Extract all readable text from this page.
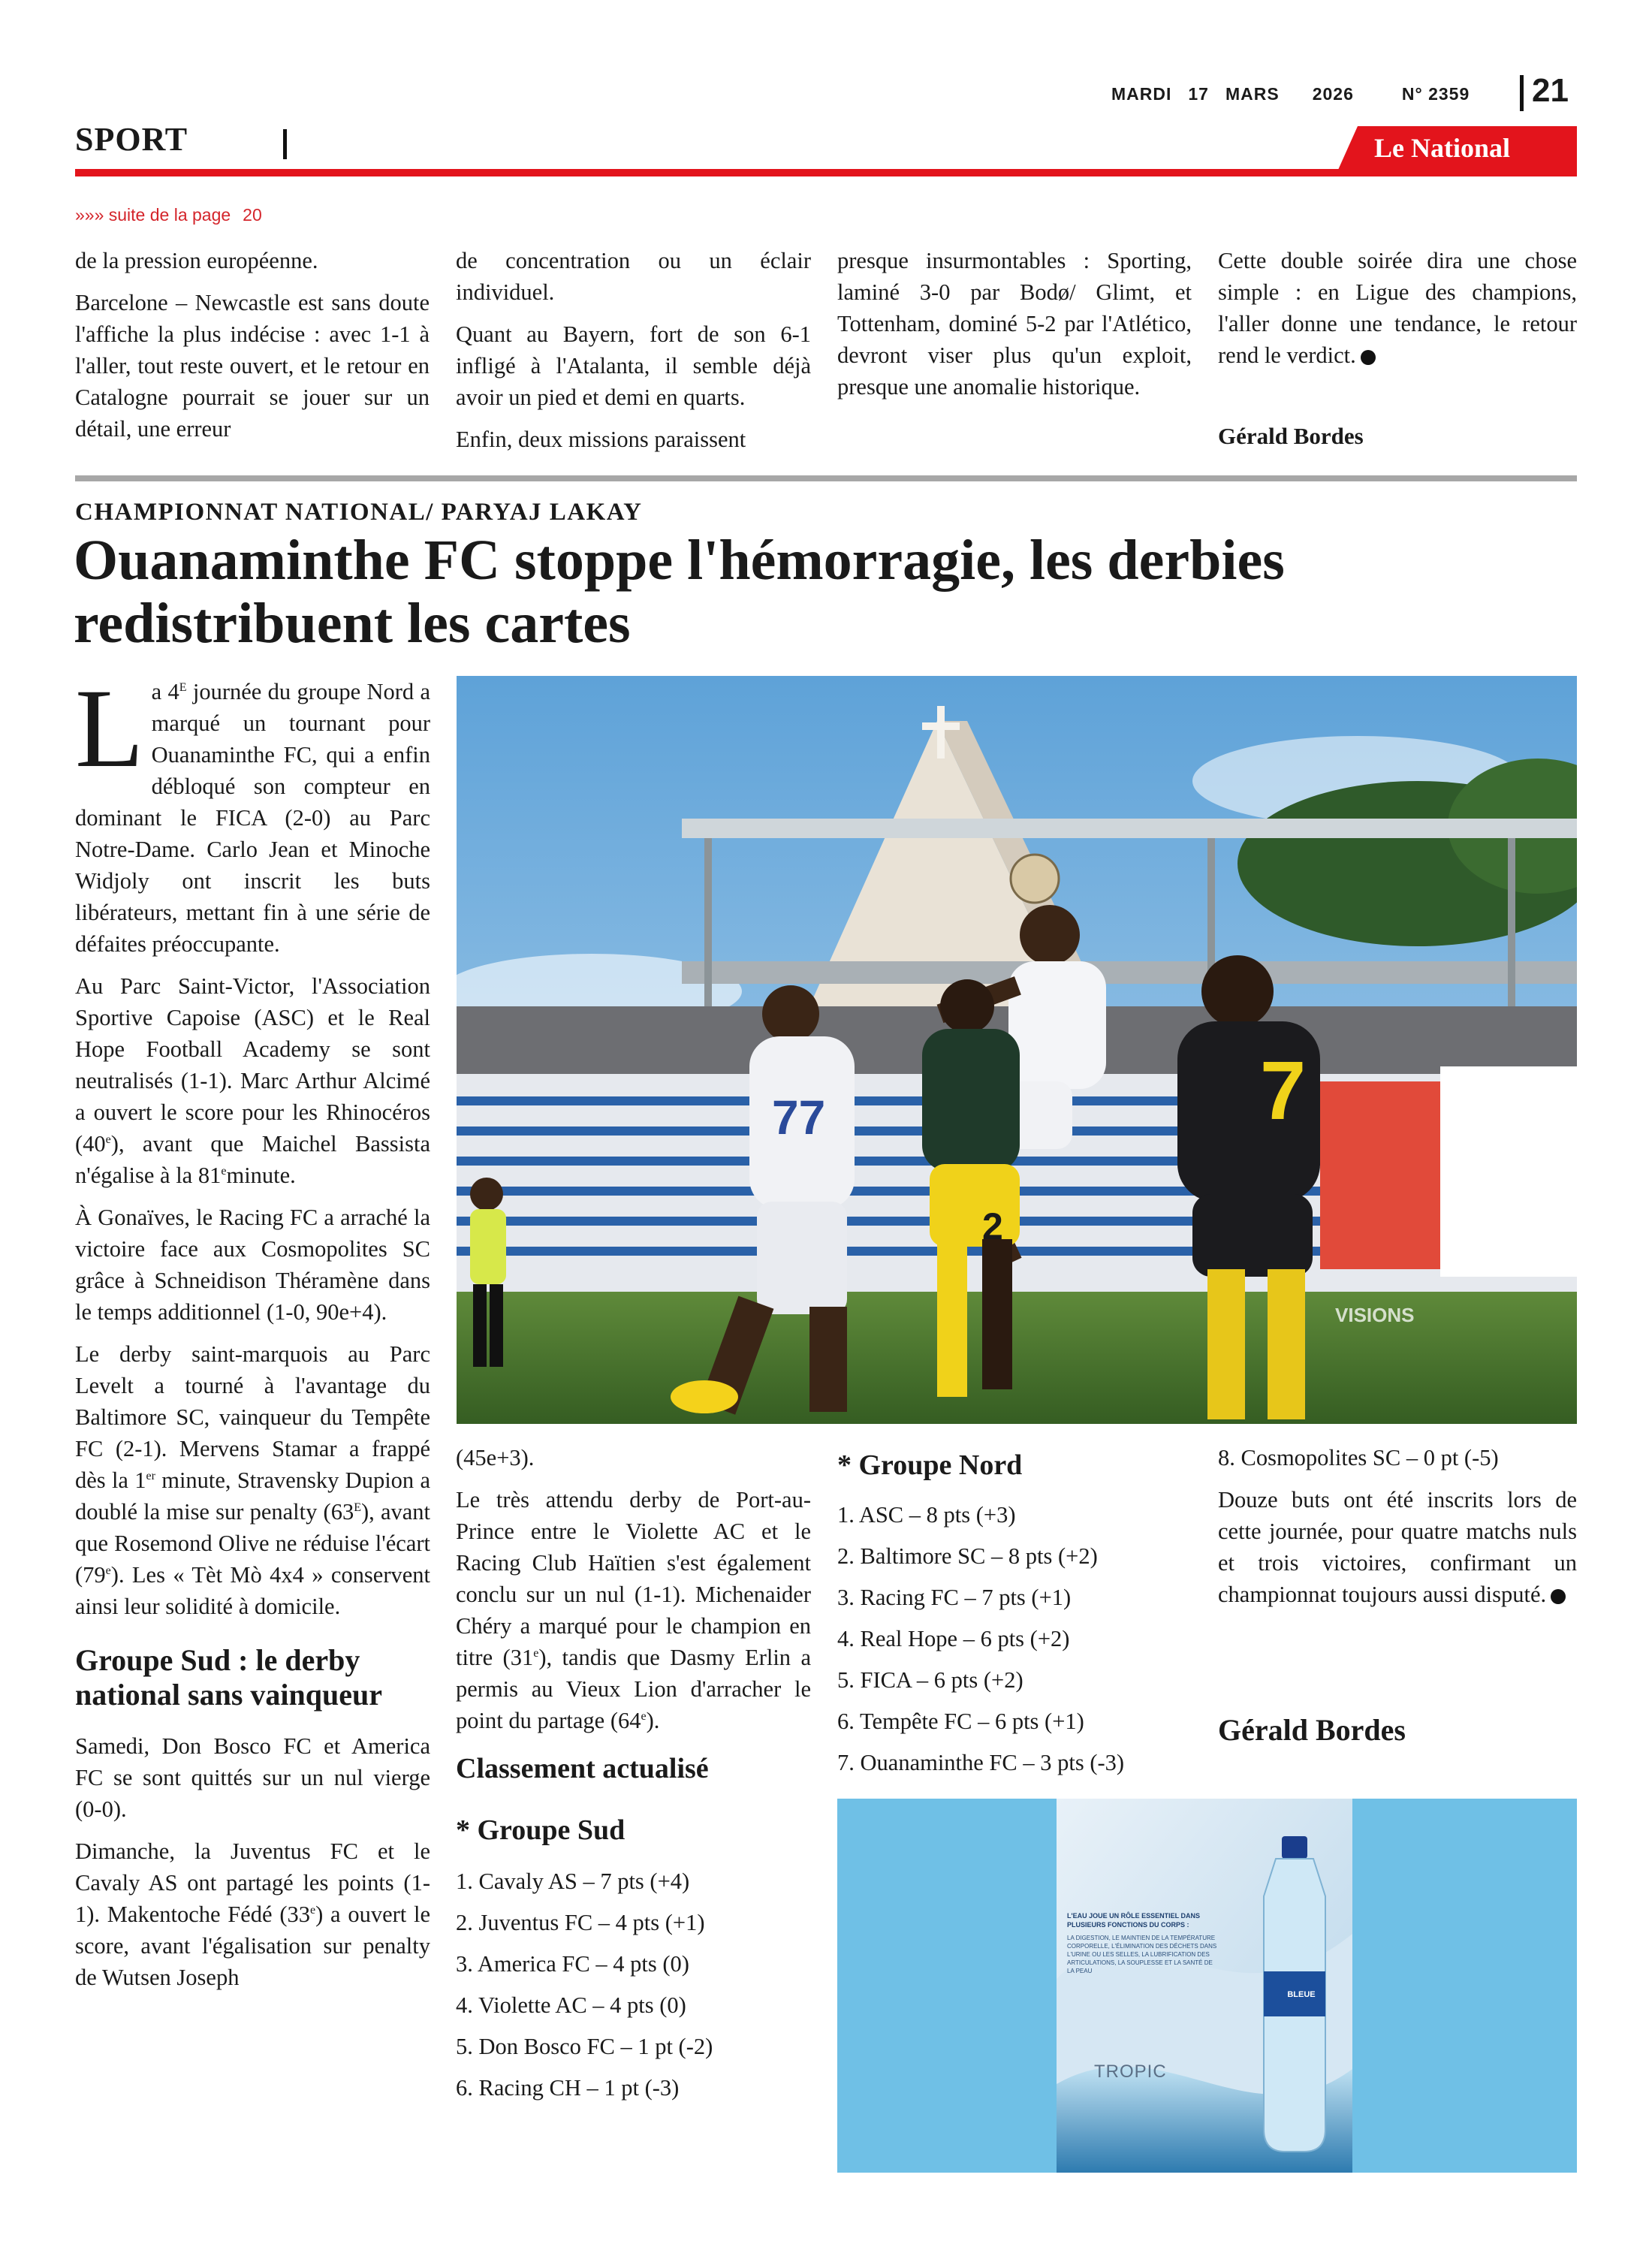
MARDI 17 MARS 2026	N° 2359	21
SPORT	Le National
»»» suite de la page 20

de la pression européenne.

Barcelone – Newcastle est sans doute l'affiche la plus indécise : avec 1-1 à l'aller, tout reste ouvert, et le retour en Catalogne pourrait se jouer sur un détail, une erreur

de concentration ou un éclair individuel.

Quant au Bayern, fort de son 6-1 infligé à l'Atalanta, il semble déjà avoir un pied et demi en quarts.

Enfin, deux missions paraissent

presque insurmontables : Sporting, laminé 3-0 par Bodø/ Glimt, et Tottenham, dominé 5-2 par l'Atlético, devront viser plus qu'un exploit, presque une anomalie historique.

Cette double soirée dira une chose simple : en Ligue des champions, l'aller donne une tendance, le retour rend le verdict.

Gérald Bordes
CHAMPIONNAT NATIONAL/ PARYAJ LAKAY
Ouanaminthe FC stoppe l'hémorragie, les derbies redistribuent les cartes

La $4^E$ journée du groupe Nord a marqué un tournant pour Ouanaminthe FC, qui a enfin débloqué son compteur en dominant le FICA (2-0) au Parc Notre-Dame. Carlo Jean et Minoche Widjoly ont inscrit les buts libérateurs, mettant fin à une série de défaites préoccupante.

Au Parc Saint-Victor, l'Association Sportive Capoise (ASC) et le Real Hope Football Academy se sont neutralisés (1-1). Marc Arthur Alcimé a ouvert le score pour les Rhinocéros (40e), avant que Maichel Bassista n'égalise à la 81eminute.

À Gonaïves, le Racing FC a arraché la victoire face aux Cosmopolites SC grâce à Schneidison Théramène dans le temps additionnel (1-0, 90e+4).

Le derby saint-marquois au Parc Levelt a tourné à l'avantage du Baltimore SC, vainqueur du Tempête FC (2-1). Mervens Stamar a frappé dès la 1er minute, Stravensky Dupion a doublé la mise sur penalty $(63^E)$, avant que Rosemond Olive ne réduise l'écart (79e). Les « Tèt Mò 4x4 » conservent ainsi leur solidité à domicile.

Groupe Sud : le derby national sans vainqueur

Samedi, Don Bosco FC et America FC se sont quittés sur un nul vierge (0-0).

Dimanche, la Juventus FC et le Cavaly AS ont partagé les points (1-1). Makentoche Fédé (33e) a ouvert le score, avant l'égalisation sur penalty de Wutsen Joseph

77
2
7
VISIONS

(45e+3).

Le très attendu derby de Port-au-Prince entre le Violette AC et le Racing Club Haïtien s'est également conclu sur un nul (1-1). Michenaider Chéry a marqué pour le champion en titre (31e), tandis que Dasmy Erlin a permis au Vieux Lion d'arracher le point du partage (64e).

Classement actualisé
* Groupe Sud
1. Cavaly AS – 7 pts (+4)
2. Juventus FC – 4 pts (+1)
3. America FC – 4 pts (0)
4. Violette AC – 4 pts (0)
5. Don Bosco FC – 1 pt (-2)
6. Racing CH – 1 pt (-3)
* Groupe Nord
1. ASC – 8 pts (+3)
2. Baltimore SC – 8 pts (+2)
3. Racing FC – 7 pts (+1)
4. Real Hope – 6 pts (+2)
5. FICA – 6 pts (+2)
6. Tempête FC – 6 pts (+1)
7. Ouanaminthe FC – 3 pts (-3)

8. Cosmopolites SC – 0 pt (-5)

Douze buts ont été inscrits lors de cette journée, pour quatre matchs nuls et trois victoires, confirmant un championnat toujours aussi disputé.

Gérald Bordes
L'EAU JOUE UN RÔLE ESSENTIEL DANS PLUSIEURS FONCTIONS DU CORPS :
LA DIGESTION, LE MAINTIEN DE LA TEMPÉRATURE CORPORELLE, L'ÉLIMINATION DES DÉCHETS DANS L'URINE OU LES SELLES, LA LUBRIFICATION DES ARTICULATIONS, LA SOUPLESSE ET LA SANTÉ DE LA PEAU
BLEUE
TROPIC
